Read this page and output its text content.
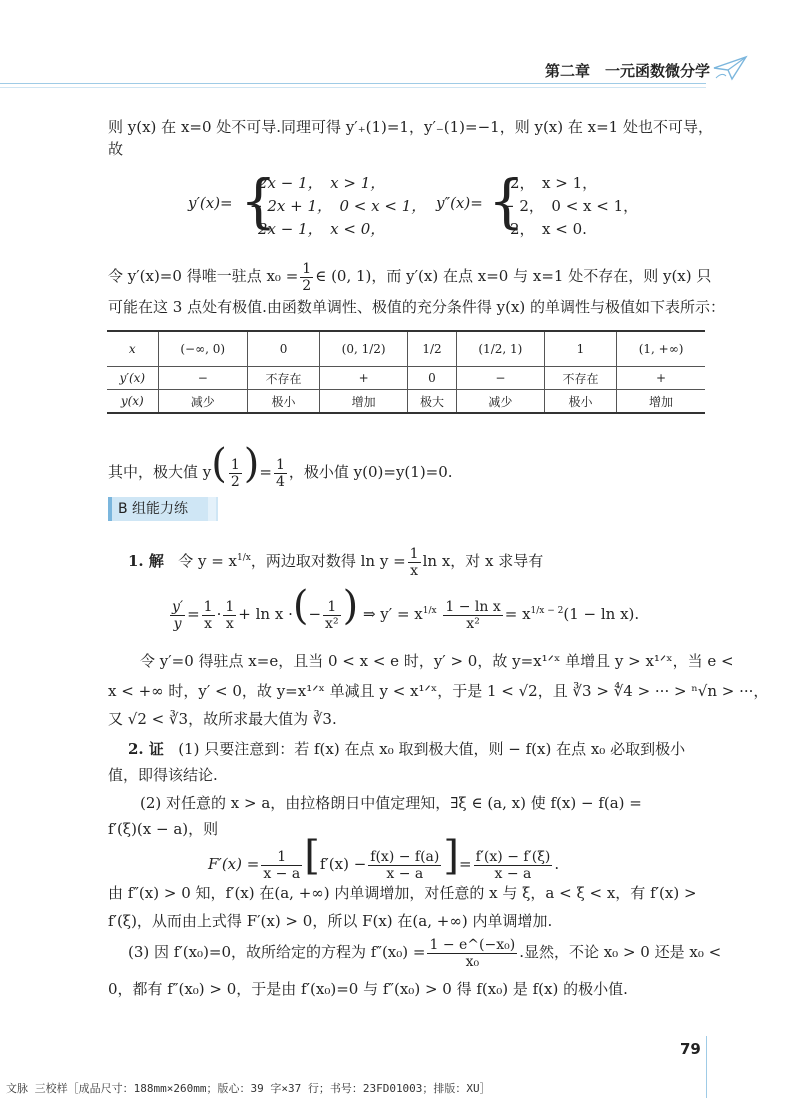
第二章　一元函数微分学
则 y(x) 在 x=0 处不可导.同理可得 y′₊(1)=1，y′₋(1)=−1，则 y(x) 在 x=1 处也不可导，
故
y′(x)= {
2x − 1，　x > 1，
− 2x + 1，　0 < x < 1，
2x − 1，　x < 0，
y″(x)= {
2，　x > 1，
− 2，　0 < x < 1，
2，　x < 0.
令 y′(x)=0 得唯一驻点 $x_0 = \frac{1}{2}$ ∈ (0, 1)，而 y′(x) 在点 x=0 与 x=1 处不存在，则 y(x) 只
可能在这 3 点处有极值.由函数单调性、极值的充分条件得 y(x) 的单调性与极值如下表所示：
x	(−∞, 0)	0	(0, 1/2)	1/2	(1/2, 1)	1	(1, +∞)
y′(x)	−	不存在	+	0	−	不存在	+
y(x)	减少	极小	增加	极大	减少	极小	增加
其中，极大值 $y( \frac{1}{2}$ )= $\frac{1}{4}$ ，极小值 y(0)=y(1)=0.
B 组能力练
1. 解 令 $y = x^{1/x}$，两边取对数得 $\ln y = \frac{1}{x}$ ln x，对 x 求导有
$\frac{y'}{y} = \frac{1}{x} \cdot \frac{1}{x} + \ln x$ ·(− $\frac{1}{\text{x²}}$ ) ⇒ $y' = x^{1/x} \frac{\text{1 − ln x}}{\text{x²}} = x^{1/x - 2}(1 - \ln x)$.
令 y′=0 得驻点 x=e，且当 0 < x < e 时，y′ > 0，故 y=x¹ᐟˣ 单增且 y > x¹ᐟˣ，当 e <
x < +∞ 时，y′ < 0，故 y=x¹ᐟˣ 单减且 y < x¹ᐟˣ，于是 1 < √2，且 ∛3 > ∜4 > ··· > ⁿ√n > ···，
又 √2 < ∛3，故所求最大值为 ∛3.
2. 证 (1) 只要注意到：若 f(x) 在点 x₀ 取到极大值，则 − f(x) 在点 x₀ 必取到极小
值，即得该结论.
(2) 对任意的 x > a，由拉格朗日中值定理知，∃ξ ∈ (a, x) 使 f(x) − f(a) =
f′(ξ)(x − a)，则
$F'(x) = \frac{1}{x - a} [f'(x) - \frac{f(x) - f(a)}{x - a}$ ]= $\frac{f'(x) - f'(\xi)}{x - a}$ .
由 f″(x) > 0 知，f′(x) 在(a, +∞) 内单调增加，对任意的 x 与 ξ，a < ξ < x，有 f′(x) >
f′(ξ)，从而由上式得 F′(x) > 0，所以 F(x) 在(a, +∞) 内单调增加.
(3) 因 f′(x₀)=0，故所给定的方程为 $f''(x_0) = \frac{\text{1 − e\textasciicircum{}(−x₀)}}{\text{x₀}}$ .显然，不论 x₀ > 0 还是 x₀ <
0，都有 f″(x₀) > 0，于是由 f′(x₀)=0 与 f″(x₀) > 0 得 f(x₀) 是 f(x) 的极小值.
79
文脉 三校样［成品尺寸：188mm×260mm；版心：39 字×37 行；书号：23FD01003；排版：XU］
